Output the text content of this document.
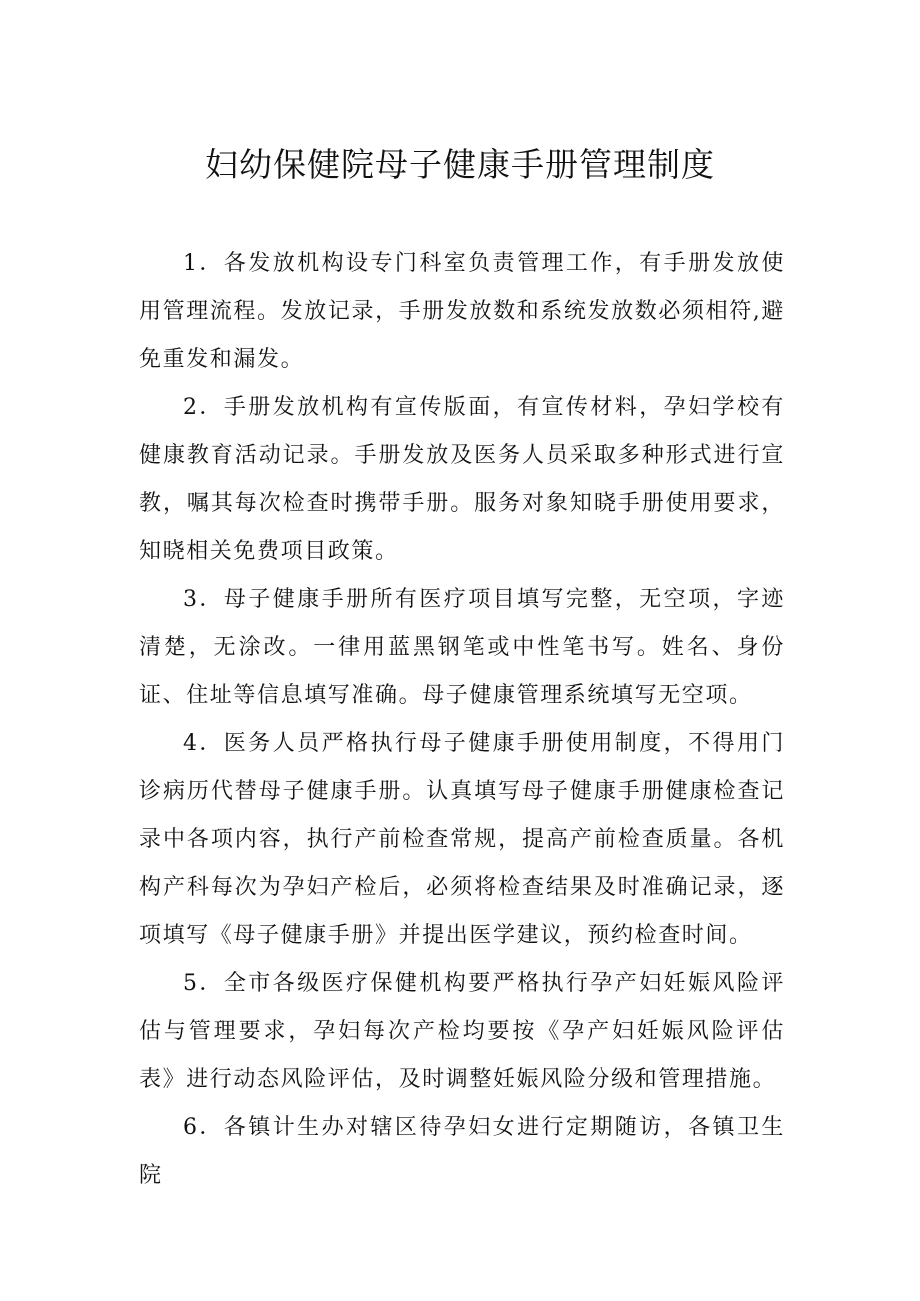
妇幼保健院母子健康手册管理制度

1．各发放机构设专门科室负责管理工作，有手册发放使用管理流程。发放记录，手册发放数和系统发放数必须相符,避免重发和漏发。

2．手册发放机构有宣传版面，有宣传材料，孕妇学校有健康教育活动记录。手册发放及医务人员采取多种形式进行宣教，嘱其每次检查时携带手册。服务对象知晓手册使用要求，知晓相关免费项目政策。

3．母子健康手册所有医疗项目填写完整，无空项，字迹清楚，无涂改。一律用蓝黑钢笔或中性笔书写。姓名、身份证、住址等信息填写准确。母子健康管理系统填写无空项。

4．医务人员严格执行母子健康手册使用制度，不得用门诊病历代替母子健康手册。认真填写母子健康手册健康检查记录中各项内容，执行产前检查常规，提高产前检查质量。各机构产科每次为孕妇产检后，必须将检查结果及时准确记录，逐项填写《母子健康手册》并提出医学建议，预约检查时间。

5．全市各级医疗保健机构要严格执行孕产妇妊娠风险评估与管理要求，孕妇每次产检均要按《孕产妇妊娠风险评估表》进行动态风险评估，及时调整妊娠风险分级和管理措施。

6．各镇计生办对辖区待孕妇女进行定期随访，各镇卫生院
